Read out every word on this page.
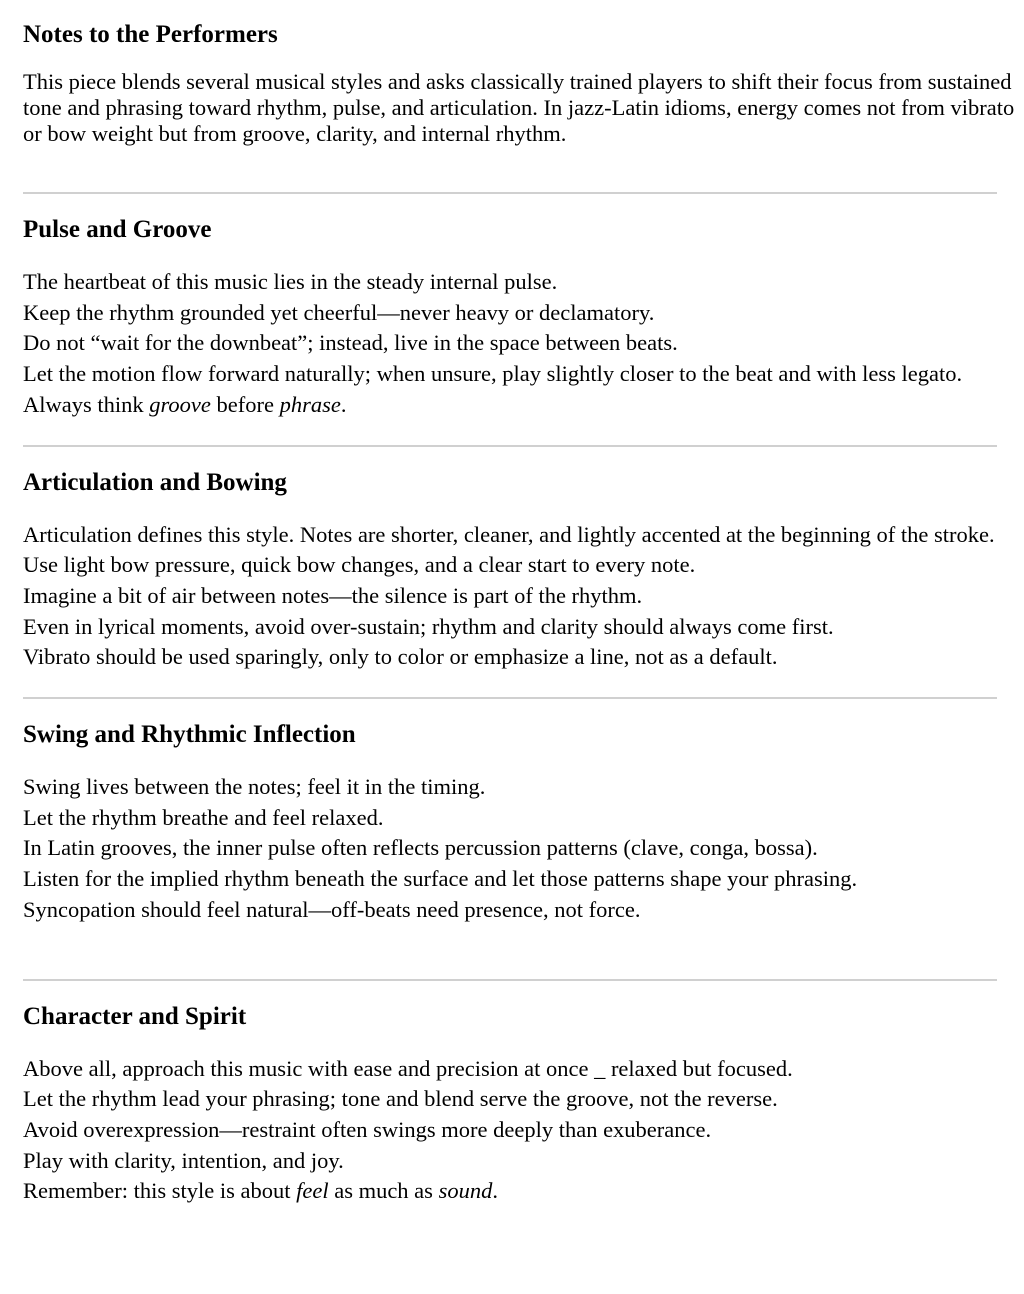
Notes to the Performers

This piece blends several musical styles and asks classically trained players to shift their focus from sustained tone and phrasing toward rhythm, pulse, and articulation. In jazz-Latin idioms, energy comes not from vibrato or bow weight but from groove, clarity, and internal rhythm.

Pulse and Groove

The heartbeat of this music lies in the steady internal pulse.

Keep the rhythm grounded yet cheerful—never heavy or declamatory.

Do not “wait for the downbeat”; instead, live in the space between beats.

Let the motion flow forward naturally; when unsure, play slightly closer to the beat and with less legato.

Always think groove before phrase.

Articulation and Bowing

Articulation defines this style. Notes are shorter, cleaner, and lightly accented at the beginning of the stroke.

Use light bow pressure, quick bow changes, and a clear start to every note.

Imagine a bit of air between notes—the silence is part of the rhythm.

Even in lyrical moments, avoid over-sustain; rhythm and clarity should always come first.

Vibrato should be used sparingly, only to color or emphasize a line, not as a default.

Swing and Rhythmic Inflection

Swing lives between the notes; feel it in the timing.

Let the rhythm breathe and feel relaxed.

In Latin grooves, the inner pulse often reflects percussion patterns (clave, conga, bossa).

Listen for the implied rhythm beneath the surface and let those patterns shape your phrasing.

Syncopation should feel natural—off-beats need presence, not force.

Character and Spirit

Above all, approach this music with ease and precision at once _ relaxed but focused.

Let the rhythm lead your phrasing; tone and blend serve the groove, not the reverse.

Avoid overexpression—restraint often swings more deeply than exuberance.

Play with clarity, intention, and joy.

Remember: this style is about feel as much as sound.
